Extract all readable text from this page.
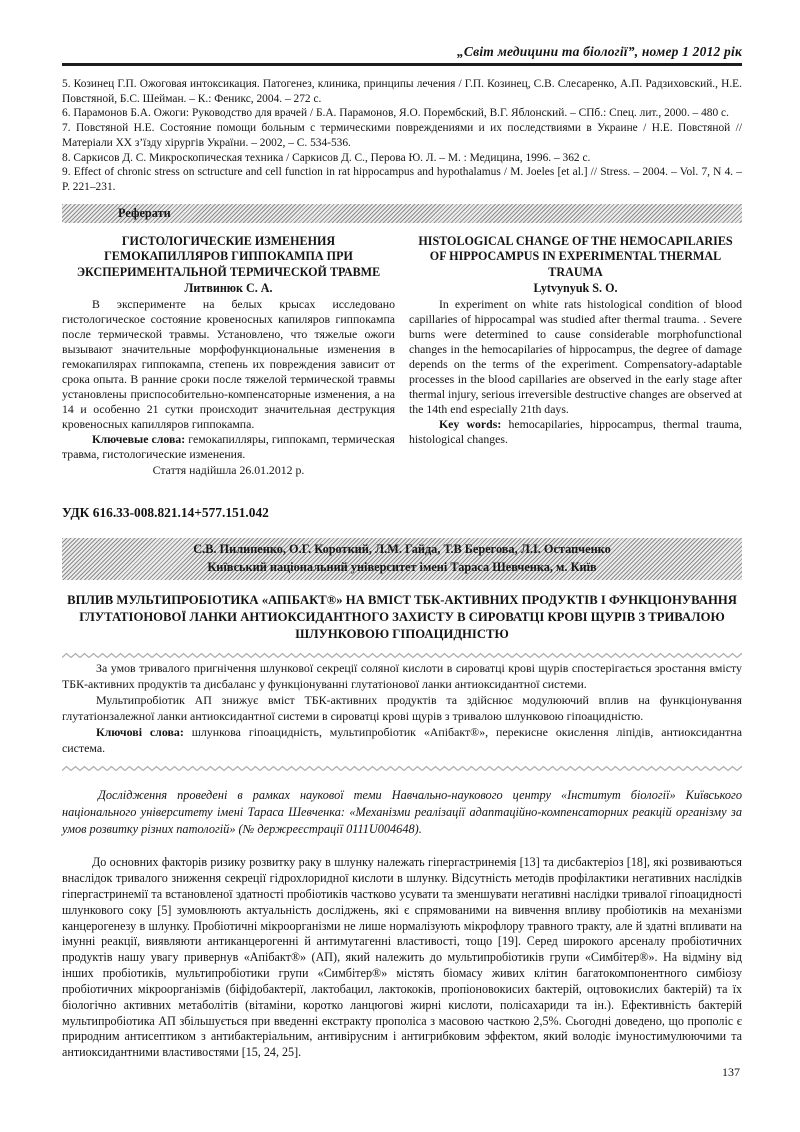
„Світ медицини та біології”, номер 1 2012 рік

5. Козинец Г.П. Ожоговая интоксикация. Патогенез, клиника, принципы лечения / Г.П. Козинец, С.В. Слесаренко, А.П. Радзиховский., Н.Е. Повстяной, Б.С. Шейман. – К.: Феникс, 2004. – 272 с.

6. Парамонов Б.А. Ожоги: Руководство для врачей / Б.А. Парамонов, Я.О. Порембский, В.Г. Яблонский. – СПб.: Спец. лит., 2000. – 480 с.

7. Повстяной Н.Е. Состояние помощи больным с термическими повреждениями и их последствиями в Украине / Н.Е. Повстяной // Матеріали ХХ з’їзду хірургів України. – 2002, – С. 534-536.

8. Саркисов Д. С. Микроскопическая техника / Саркисов Д. С., Перова Ю. Л. – М. : Медицина, 1996. – 362 с.

9. Effect of chronic stress on sctructure and cell function in rat hippocampus and hypothalamus / M. Joeles [et al.] // Stress. – 2004. – Vol. 7, N 4. – P. 221–231.

Реферати
ГИСТОЛОГИЧЕСКИЕ ИЗМЕНЕНИЯ ГЕМОКАПИЛЛЯРОВ ГИППОКАМПА ПРИ ЭКСПЕРИМЕНТАЛЬНОЙ ТЕРМИЧЕСКОЙ ТРАВМЕ
Литвинюк С. А.

В эксперименте на белых крысах исследовано гистологическое состояние кровеносных капиляров гиппокампа после термической травмы. Установлено, что тяжелые ожоги вызывают значительные морфофункциональные изменения в гемокапилярах гиппокампа, степень их повреждения зависит от срока опыта. В ранние сроки после тяжелой термической травмы установлены приспособительно-компенсаторные изменения, а на 14 и особенно 21 сутки происходит значительная деструкция кровеносных капилляров гиппокампа.

Ключевые слова: гемокапилляры, гиппокамп, термическая травма, гистологические изменения.

Стаття надійшла 26.01.2012 р.

HISTOLOGICAL CHANGE OF THE HEMOCAPILARIES OF HIPPOCAMPUS IN EXPERIMENTAL THERMAL TRAUMA
Lytvynyuk S. O.

In experiment on white rats histological condition of blood capillaries of hippocampal was studied after thermal trauma. . Severe burns were determined to cause considerable morphofunctional changes in the hemocapilaries of hippocampus, the degree of damage depends on the terms of the experiment. Compensatory-adaptable processes in the blood capillaries are observed in the early stage after thermal injury, serious irreversible destructive changes are observed at the 14th end especially 21th days.

Key words: hemocapilaries, hippocampus, thermal trauma, histological changes.

УДК 616.33-008.821.14+577.151.042
С.В. Пилипенко, О.Г. Короткий, Л.М. Гайда, Т.В Берегова, Л.І. Остапченко
Київський національний університет імені Тараса Шевченка, м. Київ
ВПЛИВ МУЛЬТИПРОБІОТИКА «АПІБАКТ®» НА ВМІСТ ТБК-АКТИВНИХ ПРОДУКТІВ І ФУНКЦІОНУВАННЯ ГЛУТАТІОНОВОЇ ЛАНКИ АНТИОКСИДАНТНОГО ЗАХИСТУ В СИРОВАТЦІ КРОВІ ЩУРІВ З ТРИВАЛОЮ ШЛУНКОВОЮ ГІПОАЦИДНІСТЮ

За умов тривалого пригнічення шлункової секреції соляної кислоти в сироватці крові щурів спостерігається зростання вмісту ТБК-активних продуктів та дисбаланс у функціонуванні глутатіонової ланки антиоксидантної системи.

Мультипробіотик АП знижує вміст ТБК-активних продуктів та здійснює модулюючий вплив на функціонування глутатіонзалежної ланки антиоксидантної системи в сироватці крові щурів з тривалою шлунковою гіпоацидністю.

Ключові слова: шлункова гіпоацидність, мультипробіотик «Апібакт®», перекисне окислення ліпідів, антиоксидантна система.

Дослідження проведені в рамках наукової теми Навчально-наукового центру «Інститут біології» Київського національного університету імені Тараса Шевченка: «Механізми реалізації адаптаційно-компенсаторних реакцій організму за умов розвитку різних патологій» (№ держреєстрації 0111U004648).

До основних факторів ризику розвитку раку в шлунку належать гіпергастринемія [13] та дисбактеріоз [18], які розвиваються внаслідок тривалого зниження секреції гідрохлоридної кислоти в шлунку. Відсутність методів профілактики негативних наслідків гіпергастринемії та встановленої здатності пробіотиків частково усувати та зменшувати негативні наслідки тривалої гіпоацидності шлункового соку [5] зумовлюють актуальність досліджень, які є спрямованими на вивчення впливу пробіотиків на механізми канцерогенезу в шлунку. Пробіотичні мікроорганізми не лише нормалізують мікрофлору травного тракту, але й здатні впливати на імунні реакції, виявляюти антиканцерогенні й антимутагенні властивості, тощо [19]. Серед широкого арсеналу пробіотичних продуктів нашу увагу привернув «Апібакт®» (АП), який належить до мультипробіотиків групи «Симбітер®». На відміну від інших пробіотиків, мультипробіотики групи «Симбітер®» містять біомасу живих клітин багатокомпонентного симбіозу пробіотичних мікроорганізмів (біфідобактерії, лактобацил, лактококів, пропіоновокисих бактерій, оцтовокислих бактерій) та їх біологічно активних метаболітів (вітаміни, коротко ланцюгові жирні кислоти, полісахариди та ін.). Ефективність бактерій мультипробіотика АП збільшується при введенні екстракту прополіса з масовою часткою 2,5%. Сьогодні доведено, що прополіс є природним антисептиком з антибактеріальним, антивірусним і антигрибковим эффектом, який володіє імуностимулюючими та антиоксидантними властивостями [15, 24, 25].

137
